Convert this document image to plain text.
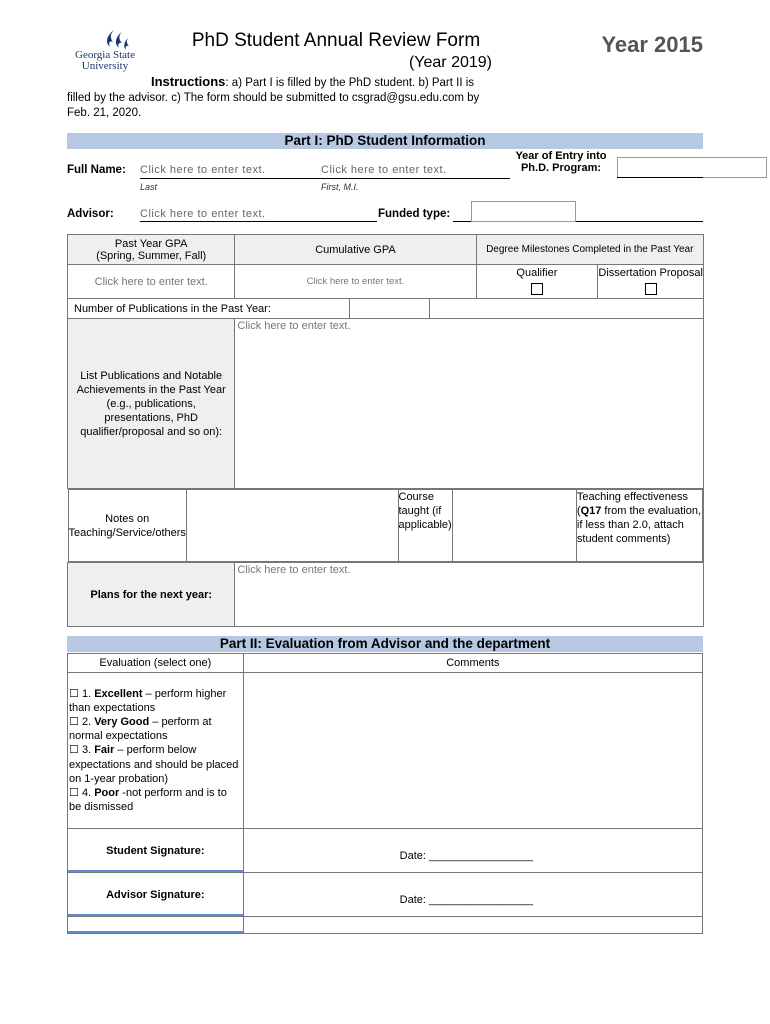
Georgia State
University
PhD Student Annual Review Form
(Year 2019)
Year 2015
Instructions: a) Part I is filled by the PhD student. b) Part II is filled by the advisor. c) The form should be submitted to csgrad@gsu.edu.com by Feb. 21, 2020.
Part I: PhD Student Information
Full Name: Click here to enter text.	Click here to enter text.
Last	First, M.I.
Year of Entry into
Ph.D. Program:
Advisor: Click here to enter text.	Funded type:
Past Year GPA
(Spring, Summer, Fall)	Cumulative GPA	Degree Milestones Completed in the Past Year
Click here to enter text.	Click here to enter text.	
Qualifier	Dissertation Proposal

Number of Publications in the Past Year:		
List Publications and Notable Achievements in the Past Year (e.g., publications, presentations, PhD qualifier/proposal and so on):	Click here to enter text.

Notes on Teaching/Service/others		Course taught (if applicable)		Teaching effectiveness (Q17 from the evaluation, if less than 2.0, attach student comments)	

Plans for the next year:	Click here to enter text.
Part II: Evaluation from Advisor and the department
Evaluation (select one)	Comments

☐ 1. Excellent – perform higher than expectations
☐ 2. Very Good – perform at normal expectations
☐ 3. Fair – perform below expectations and should be placed on 1-year probation)
☐ 4. Poor -not perform and is to be dismissed	

Student Signature:	Date: _________________

Advisor Signature:	Date: _________________
